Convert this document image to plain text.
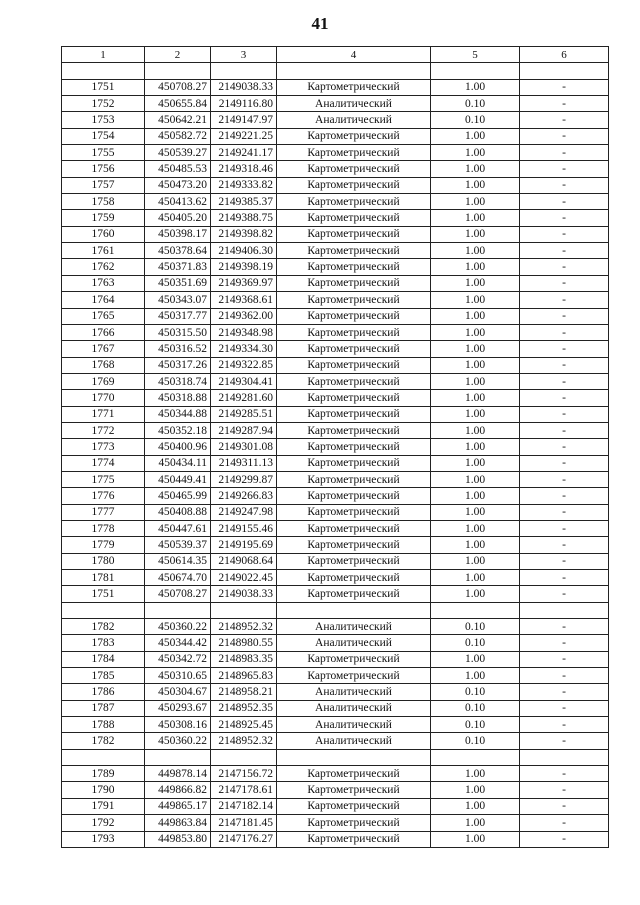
41
1	2	3	4	5	6

1751	450708.27	2149038.33	Картометрический	1.00	-
1752	450655.84	2149116.80	Аналитический	0.10	-
1753	450642.21	2149147.97	Аналитический	0.10	-
1754	450582.72	2149221.25	Картометрический	1.00	-
1755	450539.27	2149241.17	Картометрический	1.00	-
1756	450485.53	2149318.46	Картометрический	1.00	-
1757	450473.20	2149333.82	Картометрический	1.00	-
1758	450413.62	2149385.37	Картометрический	1.00	-
1759	450405.20	2149388.75	Картометрический	1.00	-
1760	450398.17	2149398.82	Картометрический	1.00	-
1761	450378.64	2149406.30	Картометрический	1.00	-
1762	450371.83	2149398.19	Картометрический	1.00	-
1763	450351.69	2149369.97	Картометрический	1.00	-
1764	450343.07	2149368.61	Картометрический	1.00	-
1765	450317.77	2149362.00	Картометрический	1.00	-
1766	450315.50	2149348.98	Картометрический	1.00	-
1767	450316.52	2149334.30	Картометрический	1.00	-
1768	450317.26	2149322.85	Картометрический	1.00	-
1769	450318.74	2149304.41	Картометрический	1.00	-
1770	450318.88	2149281.60	Картометрический	1.00	-
1771	450344.88	2149285.51	Картометрический	1.00	-
1772	450352.18	2149287.94	Картометрический	1.00	-
1773	450400.96	2149301.08	Картометрический	1.00	-
1774	450434.11	2149311.13	Картометрический	1.00	-
1775	450449.41	2149299.87	Картометрический	1.00	-
1776	450465.99	2149266.83	Картометрический	1.00	-
1777	450408.88	2149247.98	Картометрический	1.00	-
1778	450447.61	2149155.46	Картометрический	1.00	-
1779	450539.37	2149195.69	Картометрический	1.00	-
1780	450614.35	2149068.64	Картометрический	1.00	-
1781	450674.70	2149022.45	Картометрический	1.00	-
1751	450708.27	2149038.33	Картометрический	1.00	-

1782	450360.22	2148952.32	Аналитический	0.10	-
1783	450344.42	2148980.55	Аналитический	0.10	-
1784	450342.72	2148983.35	Картометрический	1.00	-
1785	450310.65	2148965.83	Картометрический	1.00	-
1786	450304.67	2148958.21	Аналитический	0.10	-
1787	450293.67	2148952.35	Аналитический	0.10	-
1788	450308.16	2148925.45	Аналитический	0.10	-
1782	450360.22	2148952.32	Аналитический	0.10	-

1789	449878.14	2147156.72	Картометрический	1.00	-
1790	449866.82	2147178.61	Картометрический	1.00	-
1791	449865.17	2147182.14	Картометрический	1.00	-
1792	449863.84	2147181.45	Картометрический	1.00	-
1793	449853.80	2147176.27	Картометрический	1.00	-
